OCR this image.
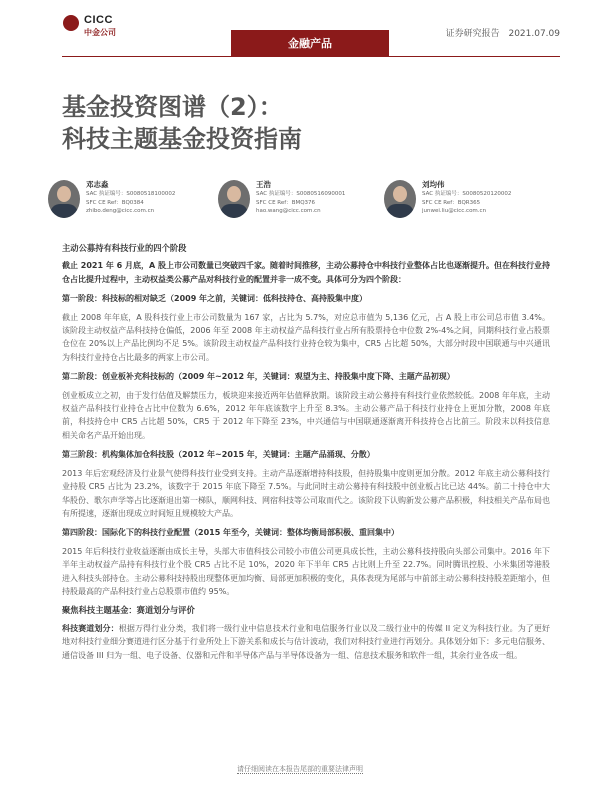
CICC
中金公司
金融产品
证券研究报告 2021.07.09
基金投资图谱（2）：
科技主题基金投资指南
邓志淼
SAC 执证编号：S0080518100002
SFC CE Ref：BQ0384
zhibo.deng@cicc.com.cn
王浩
SAC 执证编号：S0080516090001
SFC CE Ref：BMQ376
hao.wang@cicc.com.cn
刘均伟
SAC 执证编号：S0080520120002
SFC CE Ref：BQR365
junwei.liu@cicc.com.cn
主动公募持有科技行业的四个阶段

截止 2021 年 6 月底，A 股上市公司数量已突破四千家。随着时间推移，主动公募持仓中科技行业整体占比也逐渐提升。但在科技行业持仓占比提升过程中，主动权益类公募产品对科技行业的配置并非一成不变。具体可分为四个阶段：

第一阶段：科技标的相对缺乏（2009 年之前，关键词：低科技持仓、高持股集中度）

截止 2008 年年底，A 股科技行业上市公司数量为 167 家，占比为 5.7%，对应总市值为 5,136 亿元，占 A 股上市公司总市值 3.4%。该阶段主动权益产品科技持仓偏低，2006 年至 2008 年主动权益产品科技行业占所有股票持仓中位数 2%-4%之间，同期科技行业占股票仓位在 20%以上产品比例均不足 5%。该阶段主动权益产品科技行业持仓较为集中，CR5 占比超 50%，大部分时段中国联通与中兴通讯为科技行业持仓占比最多的两家上市公司。

第二阶段：创业板补充科技标的（2009 年~2012 年，关键词：观望为主、持股集中度下降、主题产品初现）

创业板成立之初，由于发行估值及解禁压力，板块迎来接近两年估值释放期。该阶段主动公募持有科技行业依然较低。2008 年年底，主动权益产品科技行业持仓占比中位数为 6.6%，2012 年年底该数字上升至 8.3%。主动公募产品于科技行业持仓上更加分散，2008 年底前，科技持仓中 CR5 占比超 50%，CR5 于 2012 年下降至 23%，中兴通信与中国联通逐渐离开科技持仓占比前三。阶段末以科技信息相关命名产品开始出现。

第三阶段：机构集体加仓科技股（2012 年~2015 年，关键词：主题产品涌现、分散）

2013 年后宏观经济及行业景气使得科技行业受到支持。主动产品逐渐增持科技股，但持股集中度则更加分散。2012 年底主动公募科技行业持股 CR5 占比为 23.2%，该数字于 2015 年底下降至 7.5%。与此同时主动公募持有科技股中创业板占比已达 44%。前二十持仓中大华股份、歌尔声学等占比逐渐退出第一梯队，顺网科技、网宿科技等公司取而代之。该阶段下认购新发公募产品积极，科技相关产品布局也有所提速，逐渐出现成立时间短且规模较大产品。

第四阶段：国际化下的科技行业配置（2015 年至今，关键词：整体均衡局部积极、重回集中）

2015 年后科技行业收益逐渐由成长主导，头部大市值科技公司较小市值公司更具成长性，主动公募科技持股向头部公司集中。2016 年下半年主动权益产品持有科技行业个股 CR5 占比不足 10%，2020 年下半年 CR5 占比则上升至 22.7%。同时腾讯控股、小米集团等港股进入科技头部持仓。主动公募科技持股出现整体更加均衡、局部更加积极的变化，具体表现为尾部与中前部主动公募科技持股差距缩小，但持股最高的产品科技行业占总股票市值约 95%。

聚焦科技主题基金：赛道划分与评价

科技赛道划分：根据万得行业分类，我们将一级行业中信息技术行业和电信服务行业以及二级行业中的传媒 II 定义为科技行业。为了更好地对科技行业细分赛道进行区分基于行业所处上下游关系和成长与估计波动，我们对科技行业进行再划分。具体划分如下：多元电信服务、通信设备 III 归为一组、电子设备、仪器和元件和半导体产品与半导体设备为一组、信息技术服务和软件一组，其余行业各成一组。

请仔细阅读在本报告尾部的重要法律声明
